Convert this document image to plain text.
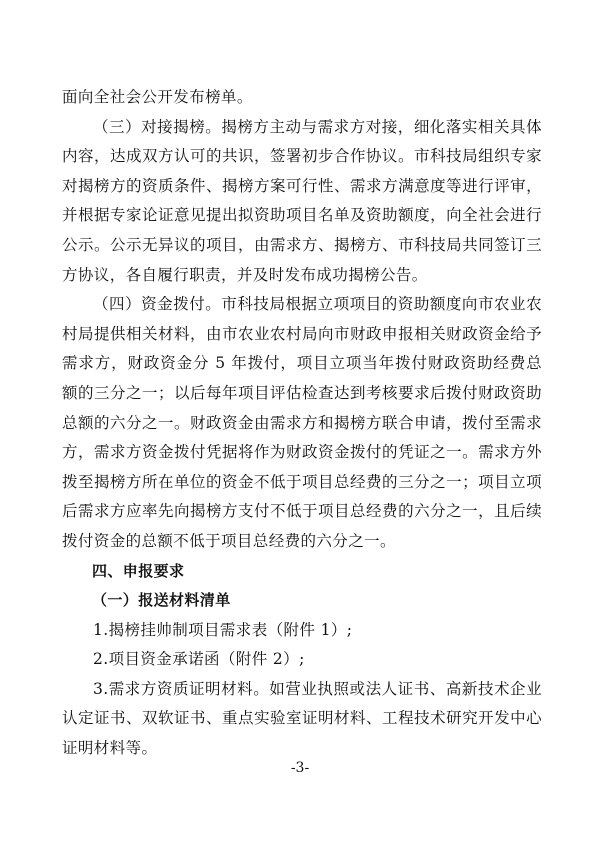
面向全社会公开发布榜单。

（三）对接揭榜。揭榜方主动与需求方对接，细化落实相关具体内容，达成双方认可的共识，签署初步合作协议。市科技局组织专家对揭榜方的资质条件、揭榜方案可行性、需求方满意度等进行评审，并根据专家论证意见提出拟资助项目名单及资助额度，向全社会进行公示。公示无异议的项目，由需求方、揭榜方、市科技局共同签订三方协议，各自履行职责，并及时发布成功揭榜公告。

（四）资金拨付。市科技局根据立项项目的资助额度向市农业农村局提供相关材料，由市农业农村局向市财政申报相关财政资金给予需求方，财政资金分 5 年拨付，项目立项当年拨付财政资助经费总额的三分之一；以后每年项目评估检查达到考核要求后拨付财政资助总额的六分之一。财政资金由需求方和揭榜方联合申请，拨付至需求方，需求方资金拨付凭据将作为财政资金拨付的凭证之一。需求方外拨至揭榜方所在单位的资金不低于项目总经费的三分之一；项目立项后需求方应率先向揭榜方支付不低于项目总经费的六分之一，且后续拨付资金的总额不低于项目总经费的六分之一。

四、申报要求

（一）报送材料清单

1.揭榜挂帅制项目需求表（附件 1）;

2.项目资金承诺函（附件 2）;

3.需求方资质证明材料。如营业执照或法人证书、高新技术企业认定证书、双软证书、重点实验室证明材料、工程技术研究开发中心证明材料等。

-3-
